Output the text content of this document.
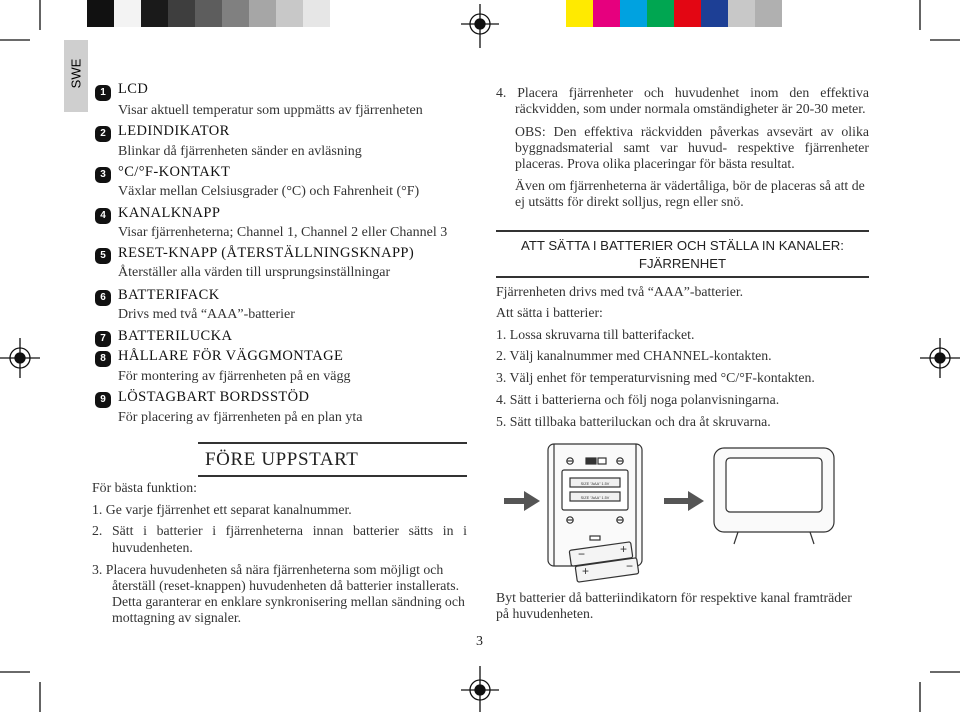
SWE
1 LCD
Visar aktuell temperatur som uppmätts av fjärrenheten
2 LEDINDIKATOR
Blinkar då fjärrenheten sänder en avläsning
3 °C/°F-KONTAKT
Växlar mellan Celsiusgrader (°C) och Fahrenheit (°F)
4 KANALKNAPP
Visar fjärrenheterna; Channel 1, Channel 2 eller Channel 3
5 RESET-KNAPP (ÅTERSTÄLLNINGSKNAPP)
Återställer alla värden till ursprungsinställningar
6 BATTERIFACK
Drivs med två “AAA”-batterier
7 BATTERILUCKA
8 HÅLLARE FÖR VÄGGMONTAGE
För montering av fjärrenheten på en vägg
9 LÖSTAGBART BORDSSTÖD
För placering av fjärrenheten på en plan yta
FÖRE UPPSTART
För bästa funktion:
1. Ge varje fjärrenhet ett separat kanalnummer.
2. Sätt i batterier i fjärrenheterna innan batterier sätts in i
huvudenheten.
3. Placera huvudenheten så nära fjärrenheterna som möjligt och
återställ (reset-knappen) huvudenheten då batterier installerats.
Detta garanterar en enklare synkronisering mellan sändning och
mottagning av signaler.
3
4. Placera fjärrenheter och huvudenhet inom den effektiva
räckvidden, som under normala omständigheter är 20-30 meter.
OBS: Den effektiva räckvidden påverkas avsevärt av olika
byggnadsmaterial samt var huvud- respektive fjärrenheter
placeras. Prova olika placeringar för bästa resultat.
Även om fjärrenheterna är vädertåliga, bör de placeras så att de
ej utsätts för direkt solljus, regn eller snö.
ATT SÄTTA I BATTERIER OCH STÄLLA IN KANALER:
FJÄRRENHET
Fjärrenheten drivs med två “AAA”-batterier.
Att sätta i batterier:
1. Lossa skruvarna till batterifacket.
2. Välj kanalnummer med CHANNEL-kontakten.
3. Välj enhet för temperaturvisning med °C/°F-kontakten.
4. Sätt i batterierna och följ noga polanvisningarna.
5. Sätt tillbaka batteriluckan och dra åt skruvarna.
SIZE "AAA" 1.5V
SIZE "AAA" 1.5V
−	+
+	−
Byt batterier då batteriindikatorn för respektive kanal framträder
på huvudenheten.
